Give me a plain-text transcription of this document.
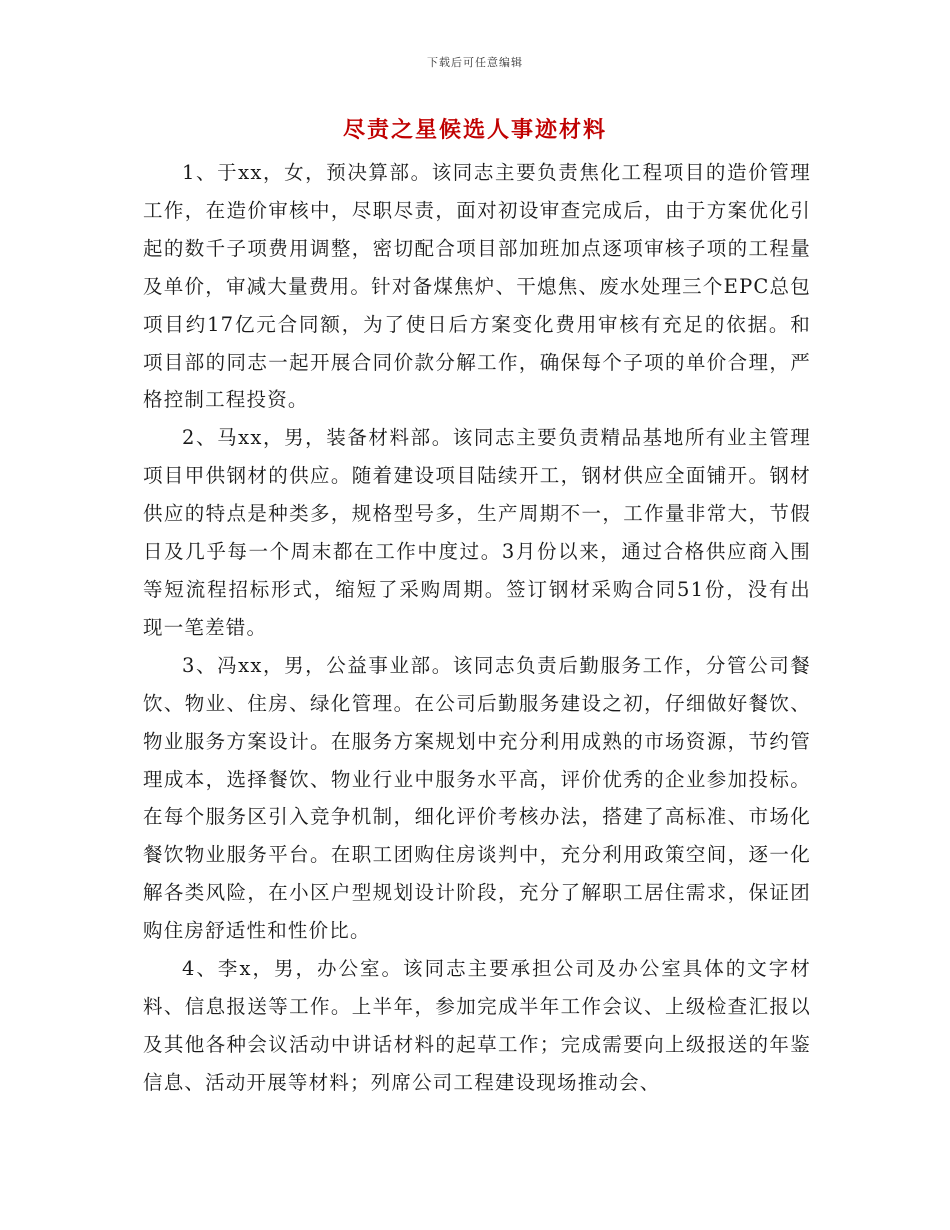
下载后可任意编辑
尽责之星候选人事迹材料

1、于xx，女，预决算部。该同志主要负责焦化工程项目的造价管理工作，在造价审核中，尽职尽责，面对初设审查完成后，由于方案优化引起的数千子项费用调整，密切配合项目部加班加点逐项审核子项的工程量及单价，审减大量费用。针对备煤焦炉、干熄焦、废水处理三个EPC总包项目约17亿元合同额，为了使日后方案变化费用审核有充足的依据。和项目部的同志一起开展合同价款分解工作，确保每个子项的单价合理，严格控制工程投资。

2、马xx，男，装备材料部。该同志主要负责精品基地所有业主管理项目甲供钢材的供应。随着建设项目陆续开工，钢材供应全面铺开。钢材供应的特点是种类多，规格型号多，生产周期不一，工作量非常大，节假日及几乎每一个周末都在工作中度过。3月份以来，通过合格供应商入围等短流程招标形式，缩短了采购周期。签订钢材采购合同51份，没有出现一笔差错。

3、冯xx，男，公益事业部。该同志负责后勤服务工作，分管公司餐饮、物业、住房、绿化管理。在公司后勤服务建设之初，仔细做好餐饮、物业服务方案设计。在服务方案规划中充分利用成熟的市场资源，节约管理成本，选择餐饮、物业行业中服务水平高，评价优秀的企业参加投标。在每个服务区引入竞争机制，细化评价考核办法，搭建了高标准、市场化餐饮物业服务平台。在职工团购住房谈判中，充分利用政策空间，逐一化解各类风险，在小区户型规划设计阶段，充分了解职工居住需求，保证团购住房舒适性和性价比。

4、李x，男，办公室。该同志主要承担公司及办公室具体的文字材料、信息报送等工作。上半年，参加完成半年工作会议、上级检查汇报以及其他各种会议活动中讲话材料的起草工作；完成需要向上级报送的年鉴信息、活动开展等材料；列席公司工程建设现场推动会、
